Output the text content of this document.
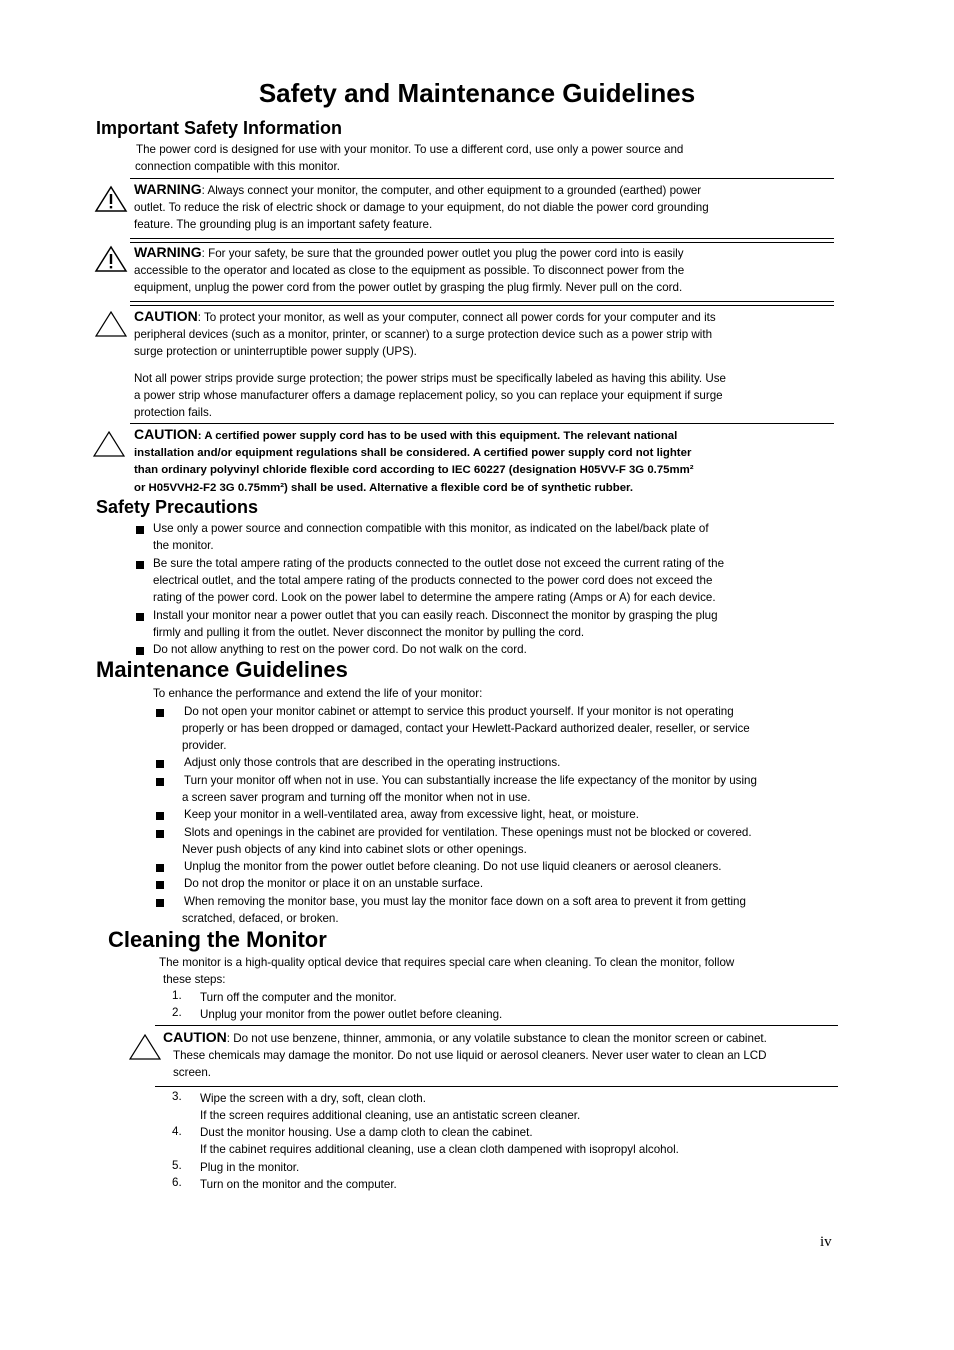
Safety and Maintenance Guidelines
Important Safety Information
The power cord is designed for use with your monitor. To use a different cord, use only a power source and
connection compatible with this monitor.
WARNING: Always connect your monitor, the computer, and other equipment to a grounded (earthed) power
outlet. To reduce the risk of electric shock or damage to your equipment, do not diable the power cord grounding
feature. The grounding plug is an important safety feature.
WARNING: For your safety, be sure that the grounded power outlet you plug the power cord into is easily
accessible to the operator and located as close to the equipment as possible. To disconnect power from the
equipment, unplug the power cord from the power outlet by grasping the plug firmly. Never pull on the cord.
CAUTION: To protect your monitor, as well as your computer, connect all power cords for your computer and its
peripheral devices (such as a monitor, printer, or scanner) to a surge protection device such as a power strip with
surge protection or uninterruptible power supply (UPS).
Not all power strips provide surge protection; the power strips must be specifically labeled as having this ability. Use
a power strip whose manufacturer offers a damage replacement policy, so you can replace your equipment if surge
protection fails.
CAUTION: A certified power supply cord has to be used with this equipment. The relevant national
installation and/or equipment regulations shall be considered. A certified power supply cord not lighter
than ordinary polyvinyl chloride flexible cord according to IEC 60227 (designation H05VV-F 3G 0.75mm²
or H05VVH2-F2 3G 0.75mm²) shall be used. Alternative a flexible cord be of synthetic rubber.
Safety Precautions
Use only a power source and connection compatible with this monitor, as indicated on the label/back plate of
the monitor.
Be sure the total ampere rating of the products connected to the outlet dose not exceed the current rating of the
electrical outlet, and the total ampere rating of the products connected to the power cord does not exceed the
rating of the power cord. Look on the power label to determine the ampere rating (Amps or A) for each device.
Install your monitor near a power outlet that you can easily reach. Disconnect the monitor by grasping the plug
firmly and pulling it from the outlet. Never disconnect the monitor by pulling the cord.
Do not allow anything to rest on the power cord. Do not walk on the cord.
Maintenance Guidelines
To enhance the performance and extend the life of your monitor:
Do not open your monitor cabinet or attempt to service this product yourself. If your monitor is not operating
properly or has been dropped or damaged, contact your Hewlett-Packard authorized dealer, reseller, or service
provider.
Adjust only those controls that are described in the operating instructions.
Turn your monitor off when not in use. You can substantially increase the life expectancy of the monitor by using
a screen saver program and turning off the monitor when not in use.
Keep your monitor in a well-ventilated area, away from excessive light, heat, or moisture.
Slots and openings in the cabinet are provided for ventilation. These openings must not be blocked or covered.
Never push objects of any kind into cabinet slots or other openings.
Unplug the monitor from the power outlet before cleaning. Do not use liquid cleaners or aerosol cleaners.
Do not drop the monitor or place it on an unstable surface.
When removing the monitor base, you must lay the monitor face down on a soft area to prevent it from getting
scratched, defaced, or broken.
Cleaning the Monitor
The monitor is a high-quality optical device that requires special care when cleaning. To clean the monitor, follow
these steps:
1. Turn off the computer and the monitor.
2. Unplug your monitor from the power outlet before cleaning.
CAUTION: Do not use benzene, thinner, ammonia, or any volatile substance to clean the monitor screen or cabinet.
These chemicals may damage the monitor. Do not use liquid or aerosol cleaners. Never user water to clean an LCD
screen.
3. Wipe the screen with a dry, soft, clean cloth.
If the screen requires additional cleaning, use an antistatic screen cleaner.
4. Dust the monitor housing. Use a damp cloth to clean the cabinet.
If the cabinet requires additional cleaning, use a clean cloth dampened with isopropyl alcohol.
5. Plug in the monitor.
6. Turn on the monitor and the computer.
iv
